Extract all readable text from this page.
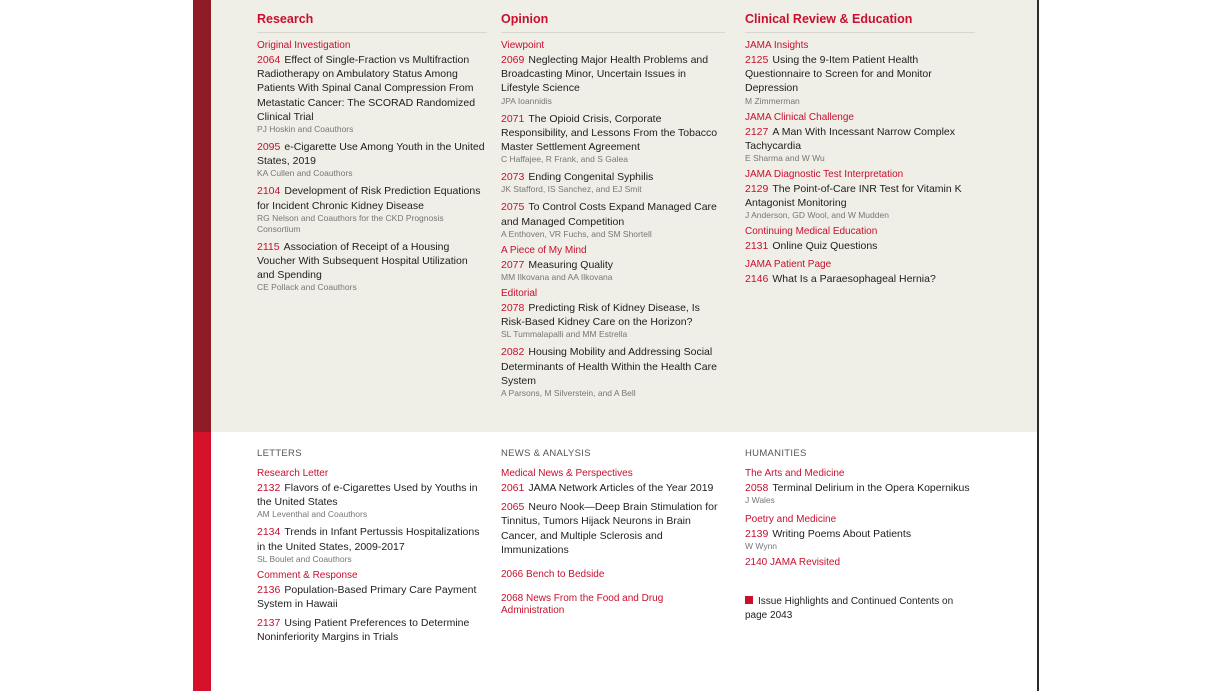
Research
Original Investigation
2064 Effect of Single-Fraction vs Multifraction Radiotherapy on Ambulatory Status Among Patients With Spinal Canal Compression From Metastatic Cancer: The SCORAD Randomized Clinical Trial
PJ Hoskin and Coauthors
2095 e-Cigarette Use Among Youth in the United States, 2019
KA Cullen and Coauthors
2104 Development of Risk Prediction Equations for Incident Chronic Kidney Disease
RG Nelson and Coauthors for the CKD Prognosis Consortium
2115 Association of Receipt of a Housing Voucher With Subsequent Hospital Utilization and Spending
CE Pollack and Coauthors
Opinion
Viewpoint
2069 Neglecting Major Health Problems and Broadcasting Minor, Uncertain Issues in Lifestyle Science
JPA Ioannidis
2071 The Opioid Crisis, Corporate Responsibility, and Lessons From the Tobacco Master Settlement Agreement
C Haffajee, R Frank, and S Galea
2073 Ending Congenital Syphilis
JK Stafford, IS Sanchez, and EJ Smit
2075 To Control Costs Expand Managed Care and Managed Competition
A Enthoven, VR Fuchs, and SM Shortell
A Piece of My Mind
2077 Measuring Quality
MM Ilkovana and AA Ilkovana
Editorial
2078 Predicting Risk of Kidney Disease, Is Risk-Based Kidney Care on the Horizon?
SL Tummalapalli and MM Estrella
2082 Housing Mobility and Addressing Social Determinants of Health Within the Health Care System
A Parsons, M Silverstein, and A Bell
Clinical Review & Education
JAMA Insights
2125 Using the 9-Item Patient Health Questionnaire to Screen for and Monitor Depression
M Zimmerman
JAMA Clinical Challenge
2127 A Man With Incessant Narrow Complex Tachycardia
E Sharma and W Wu
JAMA Diagnostic Test Interpretation
2129 The Point-of-Care INR Test for Vitamin K Antagonist Monitoring
J Anderson, GD Wool, and W Mudden
Continuing Medical Education
2131 Online Quiz Questions
JAMA Patient Page
2146 What Is a Paraesophageal Hernia?
LETTERS
Research Letter
2132 Flavors of e-Cigarettes Used by Youths in the United States
AM Leventhal and Coauthors
2134 Trends in Infant Pertussis Hospitalizations in the United States, 2009-2017
SL Boulet and Coauthors
Comment & Response
2136 Population-Based Primary Care Payment System in Hawaii
2137 Using Patient Preferences to Determine Noninferiority Margins in Trials
NEWS & ANALYSIS
Medical News & Perspectives
2061 JAMA Network Articles of the Year 2019
2065 Neuro Nook—Deep Brain Stimulation for Tinnitus, Tumors Hijack Neurons in Brain Cancer, and Multiple Sclerosis and Immunizations
2066 Bench to Bedside
2068 News From the Food and Drug Administration
HUMANITIES
The Arts and Medicine
2058 Terminal Delirium in the Opera Kopernikus
J Wales
Poetry and Medicine
2139 Writing Poems About Patients
W Wynn
2140 JAMA Revisited
Issue Highlights and Continued Contents on page 2043
